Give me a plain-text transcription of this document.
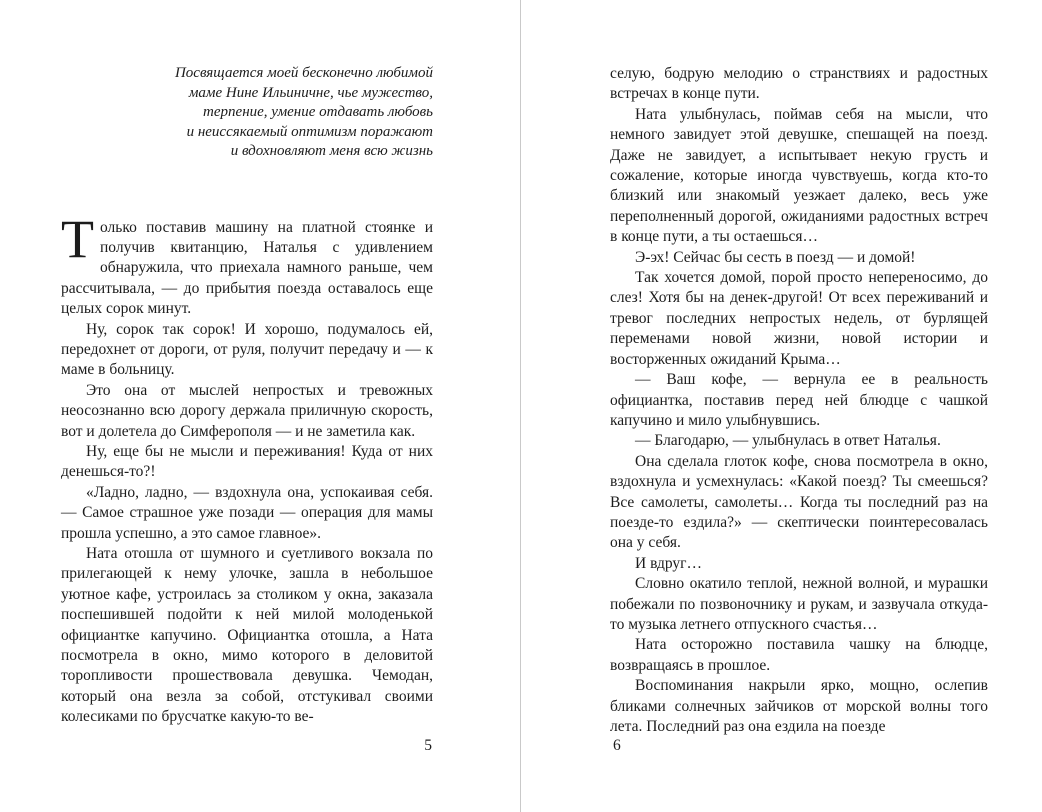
Посвящается моей бесконечно любимой
маме Нине Ильиничне, чье мужество,
терпение, умение отдавать любовь
и неиссякаемый оптимизм поражают
и вдохновляют меня всю жизнь

Только поставив машину на платной стоянке и получив квитанцию, Наталья с удивлением обнаружила, что приехала намного раньше, чем рассчитывала, — до прибытия поезда оставалось еще целых сорок минут.

Ну, сорок так сорок! И хорошо, подумалось ей, передохнет от дороги, от руля, получит передачу и — к маме в больницу.

Это она от мыслей непростых и тревожных неосознанно всю дорогу держала приличную скорость, вот и долетела до Симферополя — и не заметила как.

Ну, еще бы не мысли и переживания! Куда от них денешься-то?!

«Ладно, ладно, — вздохнула она, успокаивая себя. — Самое страшное уже позади — операция для мамы прошла успешно, а это самое главное».

Ната отошла от шумного и суетливого вокзала по прилегающей к нему улочке, зашла в небольшое уютное кафе, устроилась за столиком у окна, заказала поспешившей подойти к ней милой молоденькой официантке капучино. Официантка отошла, а Ната посмотрела в окно, мимо которого в деловитой торопливости прошествовала девушка. Чемодан, который она везла за собой, отстукивал своими колесиками по брусчатке какую-то ве-

5

селую, бодрую мелодию о странствиях и радостных встречах в конце пути.

Ната улыбнулась, поймав себя на мысли, что немного завидует этой девушке, спешащей на поезд. Даже не завидует, а испытывает некую грусть и сожаление, которые иногда чувствуешь, когда кто-то близкий или знакомый уезжает далеко, весь уже переполненный дорогой, ожиданиями радостных встреч в конце пути, а ты остаешься…

Э-эх! Сейчас бы сесть в поезд — и домой!

Так хочется домой, порой просто непереносимо, до слез! Хотя бы на денек-другой! От всех переживаний и тревог последних непростых недель, от бурлящей переменами новой жизни, новой истории и восторженных ожиданий Крыма…

— Ваш кофе, — вернула ее в реальность официантка, поставив перед ней блюдце с чашкой капучино и мило улыбнувшись.

— Благодарю, — улыбнулась в ответ Наталья.

Она сделала глоток кофе, снова посмотрела в окно, вздохнула и усмехнулась: «Какой поезд? Ты смеешься? Все самолеты, самолеты… Когда ты последний раз на поезде-то ездила?» — скептически поинтересовалась она у себя.

И вдруг…

Словно окатило теплой, нежной волной, и мурашки побежали по позвоночнику и рукам, и зазвучала откуда-то музыка летнего отпускного счастья…

Ната осторожно поставила чашку на блюдце, возвращаясь в прошлое.

Воспоминания накрыли ярко, мощно, ослепив бликами солнечных зайчиков от морской волны того лета. Последний раз она ездила на поезде

6
